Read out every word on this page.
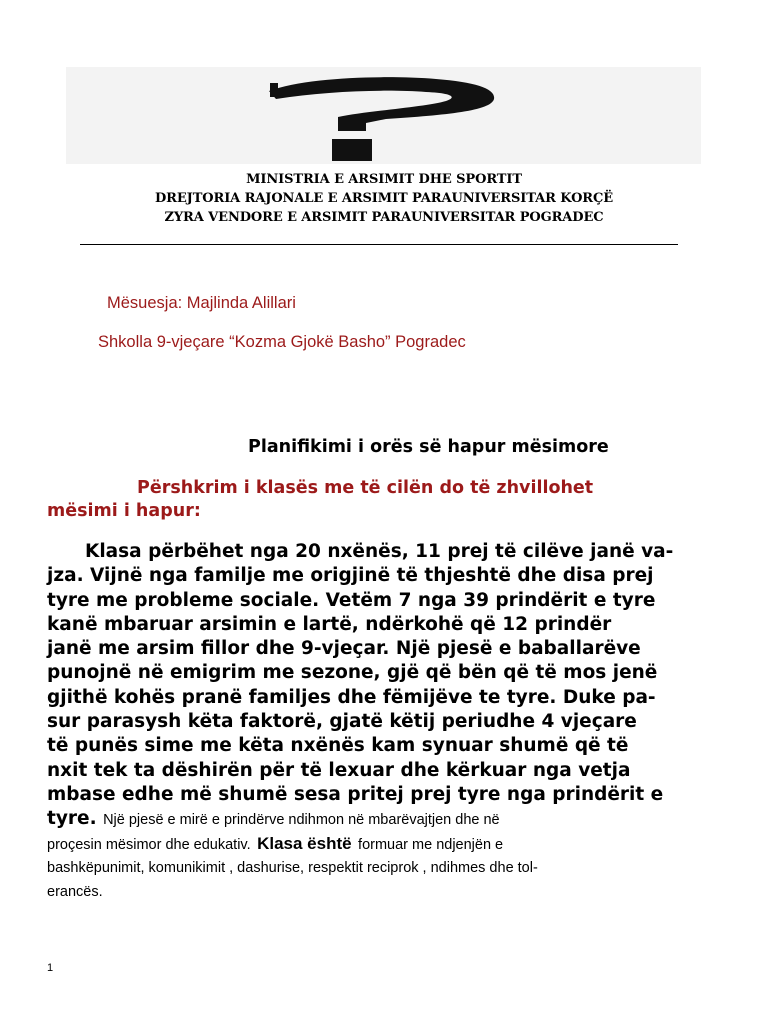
MINISTRIA E ARSIMIT DHE SPORTIT
DREJTORIA RAJONALE E ARSIMIT PARAUNIVERSITAR KORÇË
ZYRA VENDORE E ARSIMIT PARAUNIVERSITAR POGRADEC
Mësuesja: Majlinda Alillari
Shkolla 9-vjeçare “Kozma Gjokë Basho” Pogradec
Planifikimi i orës së hapur mësimore
Përshkrim i klasës me të cilën do të zhvillohet
mësimi i hapur:
Klasa përbëhet nga 20 nxënës, 11 prej të cilëve janë va-
jza. Vijnë nga familje me origjinë të thjeshtë dhe disa prej
tyre me probleme sociale. Vetëm 7 nga 39 prindërit e tyre
kanë mbaruar arsimin e lartë, ndërkohë që 12 prindër
janë me arsim fillor dhe 9-vjeçar. Një pjesë e baballarëve
punojnë në emigrim me sezone, gjë që bën që të mos jenë
gjithë kohës pranë familjes dhe fëmijëve te tyre. Duke pa-
sur parasysh këta faktorë, gjatë këtij periudhe 4 vjeçare
të punës sime me këta nxënës kam synuar shumë që të
nxit tek ta dëshirën për të lexuar dhe kërkuar nga vetja
mbase edhe më shumë sesa pritej prej tyre nga prindërit e
tyre. Një pjesë e mirë e prindërve ndihmon në mbarëvajtjen dhe në
proçesin mësimor dhe edukativ. Klasa është formuar me ndjenjën e
bashkëpunimit, komunikimit , dashurise, respektit reciprok , ndihmes dhe tol-
erancës.
1
